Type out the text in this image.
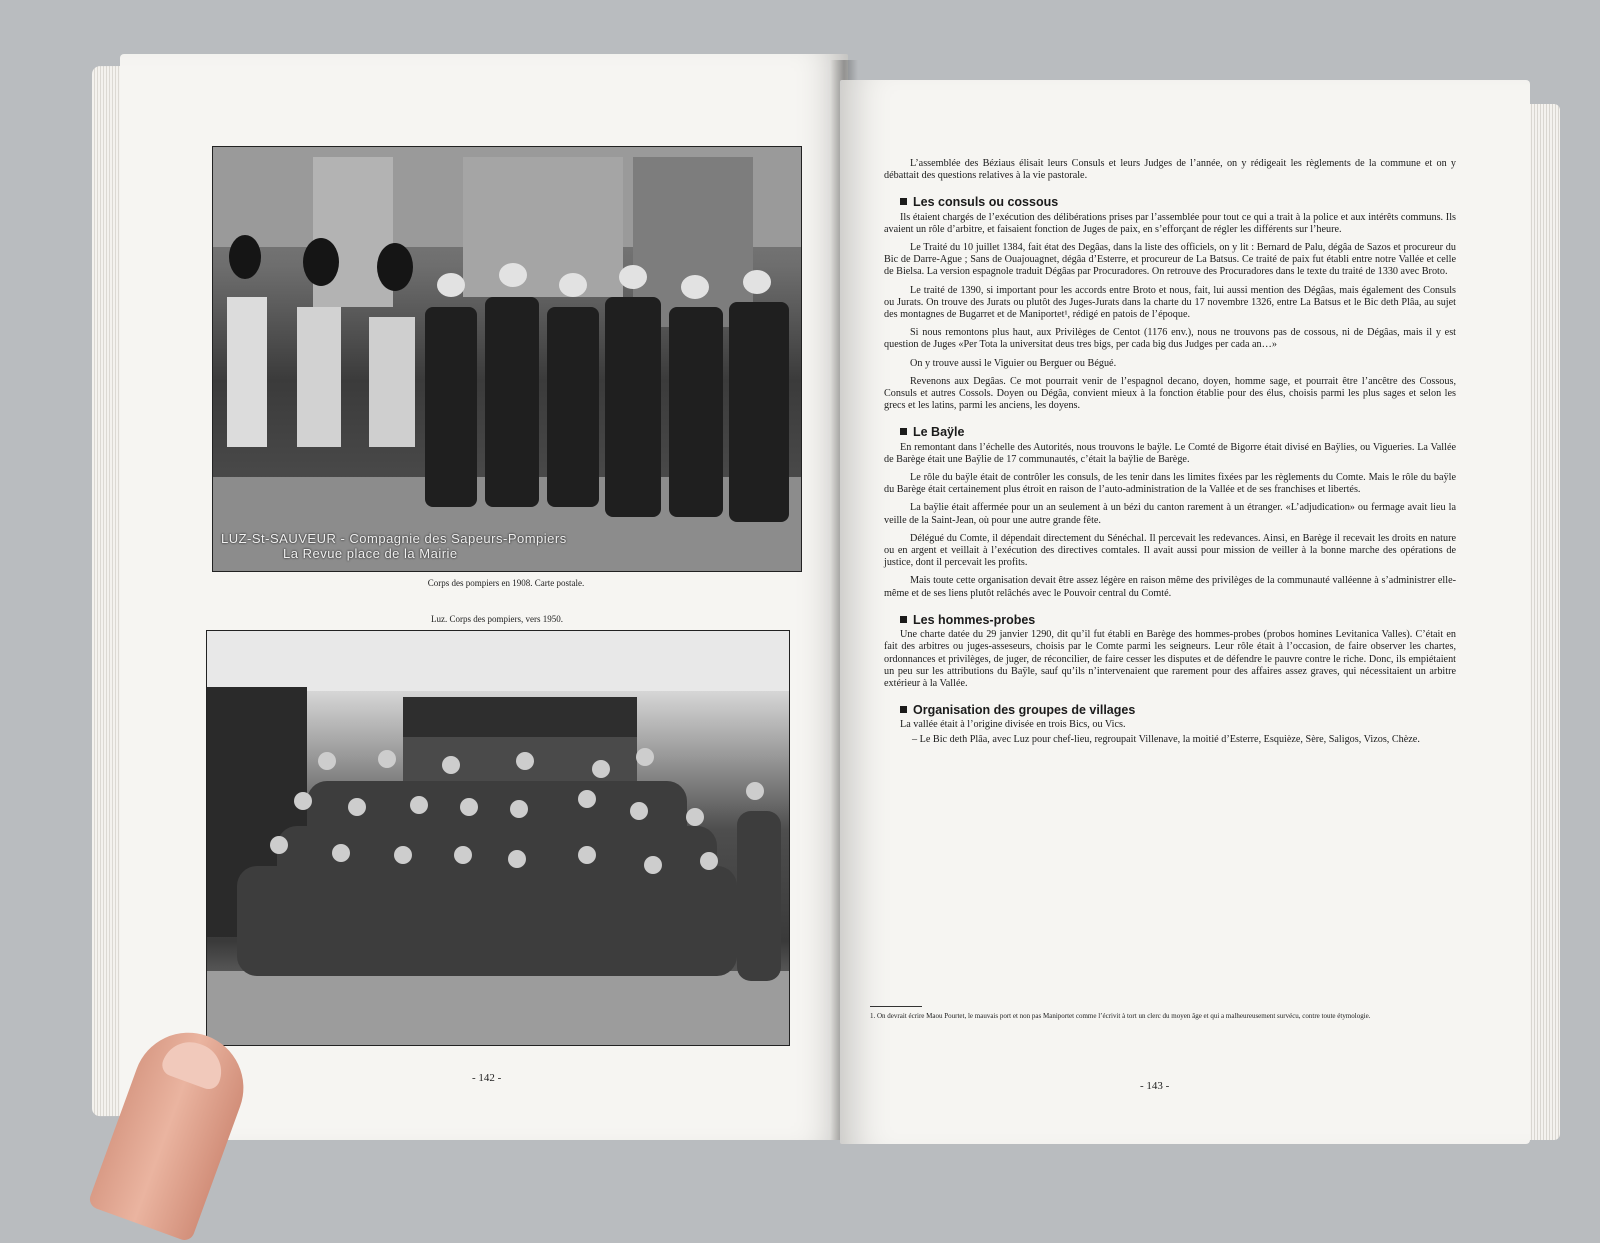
LUZ-St-SAUVEUR - Compagnie des Sapeurs-Pompiers
La Revue place de la Mairie
Corps des pompiers en 1908. Carte postale.
Luz. Corps des pompiers, vers 1950.
- 142 -

L’assemblée des Béziaus élisait leurs Consuls et leurs Judges de l’année, on y rédigeait les règlements de la commune et on y débattait des questions relatives à la vie pastorale.

Les consuls ou cossous

Ils étaient chargés de l’exécution des délibérations prises par l’assemblée pour tout ce qui a trait à la police et aux intérêts communs. Ils avaient un rôle d’arbitre, et faisaient fonction de Juges de paix, en s’efforçant de régler les différents sur l’heure.

Le Traité du 10 juillet 1384, fait état des Degâas, dans la liste des officiels, on y lit : Bernard de Palu, dégâa de Sazos et procureur du Bic de Darre-Ague ; Sans de Ouajouagnet, dégâa d’Esterre, et procureur de La Batsus. Ce traité de paix fut établi entre notre Vallée et celle de Bielsa. La version espagnole traduit Dégâas par Procuradores. On retrouve des Procuradores dans le texte du traité de 1330 avec Broto.

Le traité de 1390, si important pour les accords entre Broto et nous, fait, lui aussi mention des Dégâas, mais également des Consuls ou Jurats. On trouve des Jurats ou plutôt des Juges-Jurats dans la charte du 17 novembre 1326, entre La Batsus et le Bic deth Plâa, au sujet des montagnes de Bugarret et de Maniportet¹, rédigé en patois de l’époque.

Si nous remontons plus haut, aux Privilèges de Centot (1176 env.), nous ne trouvons pas de cossous, ni de Dégâas, mais il y est question de Juges «Per Tota la universitat deus tres bigs, per cada big dus Judges per cada an…»

On y trouve aussi le Viguier ou Berguer ou Bégué.

Revenons aux Degâas. Ce mot pourrait venir de l’espagnol decano, doyen, homme sage, et pourrait être l’ancêtre des Cossous, Consuls et autres Cossols. Doyen ou Dégâa, convient mieux à la fonction établie pour des élus, choisis parmi les plus sages et selon les grecs et les latins, parmi les anciens, les doyens.

Le Baÿle

En remontant dans l’échelle des Autorités, nous trouvons le baÿle. Le Comté de Bigorre était divisé en Baÿlies, ou Vigueries. La Vallée de Barège était une Baÿlie de 17 communautés, c’était la baÿlie de Barège.

Le rôle du baÿle était de contrôler les consuls, de les tenir dans les limites fixées par les règlements du Comte. Mais le rôle du baÿle du Barège était certainement plus étroit en raison de l’auto-administration de la Vallée et de ses franchises et libertés.

La baÿlie était affermée pour un an seulement à un bézi du canton rarement à un étranger. «L’adjudication» ou fermage avait lieu la veille de la Saint-Jean, où pour une autre grande fête.

Délégué du Comte, il dépendait directement du Sénéchal. Il percevait les redevances. Ainsi, en Barège il recevait les droits en nature ou en argent et veillait à l’exécution des directives comtales. Il avait aussi pour mission de veiller à la bonne marche des opérations de justice, dont il percevait les profits.

Mais toute cette organisation devait être assez légère en raison même des privilèges de la communauté valléenne à s’administrer elle-même et de ses liens plutôt relâchés avec le Pouvoir central du Comté.

Les hommes-probes

Une charte datée du 29 janvier 1290, dit qu’il fut établi en Barège des hommes-probes (probos homines Levitanica Valles). C’était en fait des arbitres ou juges-asseseurs, choisis par le Comte parmi les seigneurs. Leur rôle était à l’occasion, de faire observer les chartes, ordonnances et privilèges, de juger, de réconcilier, de faire cesser les disputes et de défendre le pauvre contre le riche. Donc, ils empiétaient un peu sur les attributions du Baÿle, sauf qu’ils n’intervenaient que rarement pour des affaires assez graves, qui nécessitaient un arbitre extérieur à la Vallée.

Organisation des groupes de villages

La vallée était à l’origine divisée en trois Bics, ou Vics.

– Le Bic deth Plâa, avec Luz pour chef-lieu, regroupait Villenave, la moitié d’Esterre, Esquièze, Sère, Saligos, Vizos, Chèze.

1. On devrait écrire Maou Pourtet, le mauvais port et non pas Maniportet comme l’écrivit à tort un clerc du moyen âge et qui a malheureusement survécu, contre toute étymologie.
- 143 -
